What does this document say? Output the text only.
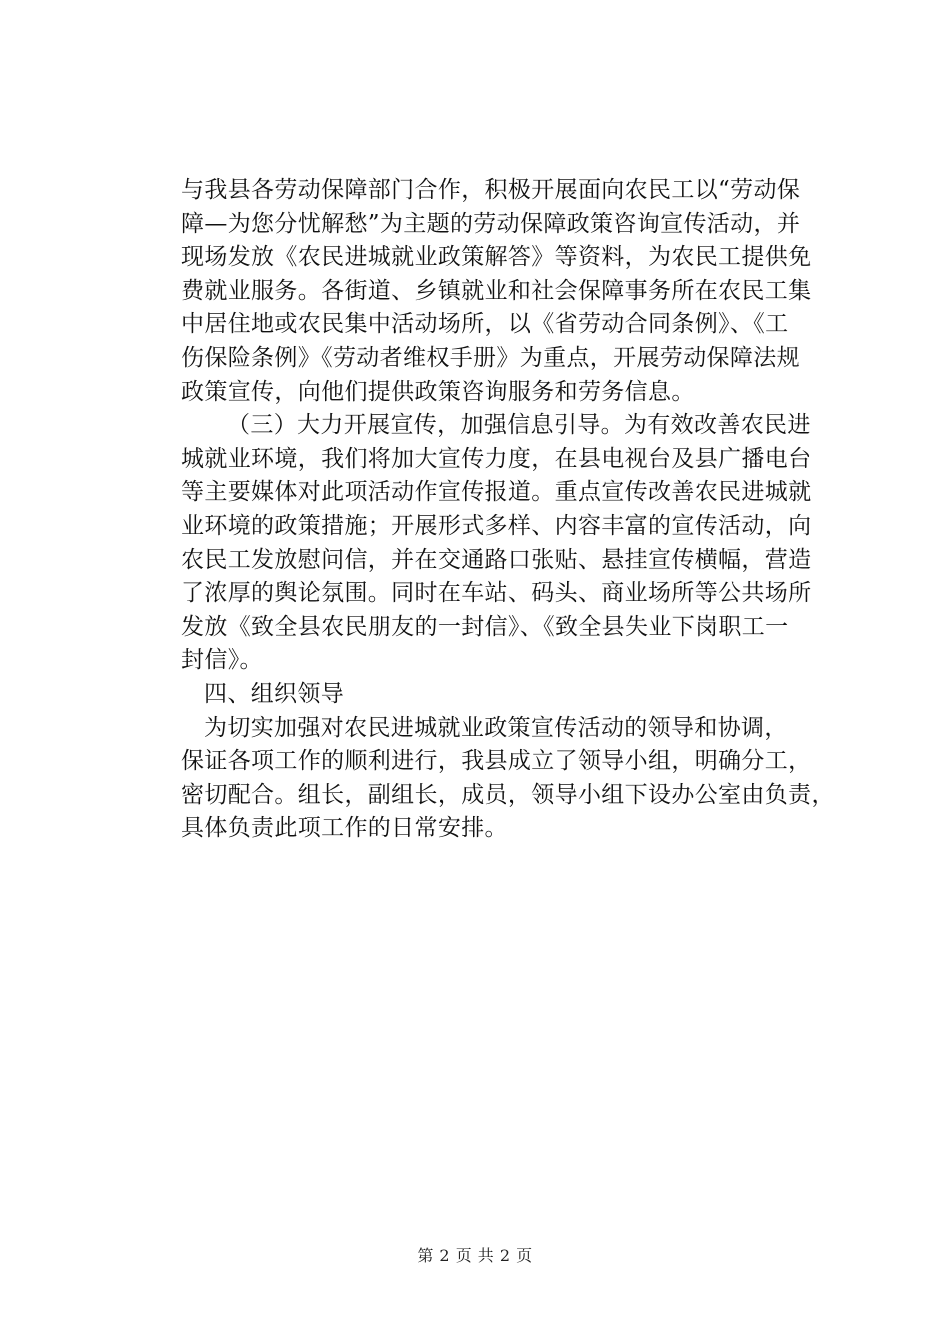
与我县各劳动保障部门合作，积极开展面向农民工以“劳动保
障—为您分忧解愁”为主题的劳动保障政策咨询宣传活动，并
现场发放《农民进城就业政策解答》等资料，为农民工提供免
费就业服务。各街道、乡镇就业和社会保障事务所在农民工集
中居住地或农民集中活动场所，以《省劳动合同条例》、《工
伤保险条例》《劳动者维权手册》为重点，开展劳动保障法规
政策宣传，向他们提供政策咨询服务和劳务信息。
（三）大力开展宣传，加强信息引导。为有效改善农民进
城就业环境，我们将加大宣传力度，在县电视台及县广播电台
等主要媒体对此项活动作宣传报道。重点宣传改善农民进城就
业环境的政策措施；开展形式多样、内容丰富的宣传活动，向
农民工发放慰问信，并在交通路口张贴、悬挂宣传横幅，营造
了浓厚的舆论氛围。同时在车站、码头、商业场所等公共场所
发放《致全县农民朋友的一封信》、《致全县失业下岗职工一
封信》。
四、组织领导
为切实加强对农民进城就业政策宣传活动的领导和协调，
保证各项工作的顺利进行，我县成立了领导小组，明确分工，
密切配合。组长，副组长，成员，领导小组下设办公室由负责，
具体负责此项工作的日常安排。
第 2 页 共 2 页
